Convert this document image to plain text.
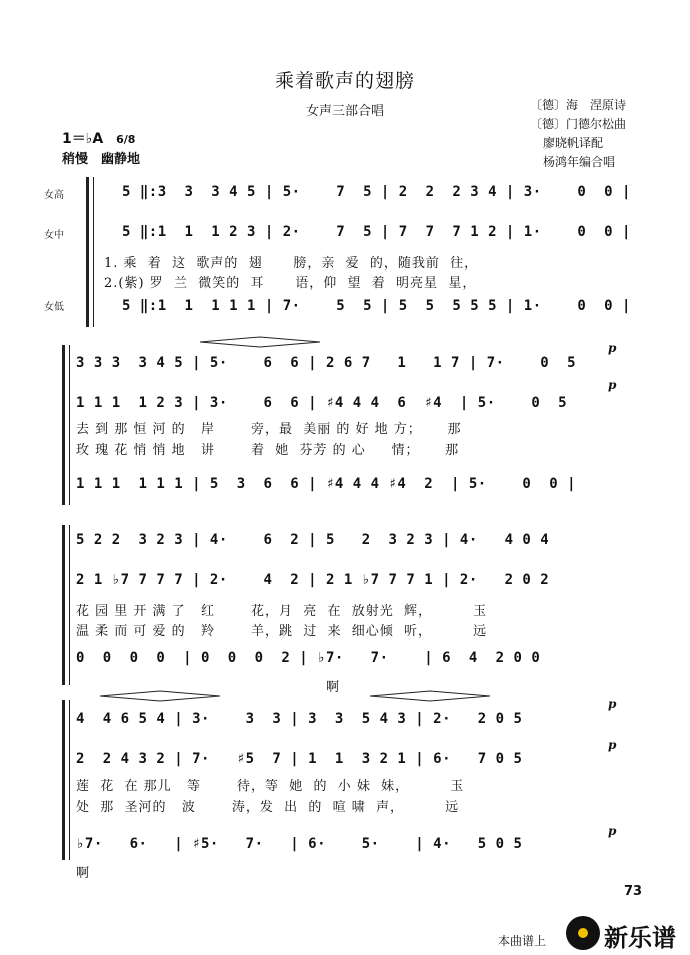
乘着歌声的翅膀
女声三部合唱	〔德〕海　涅原诗
〔德〕门德尔松曲
廖晓帆译配
杨鸿年编合唱
1＝♭A 6/8
稍慢　幽静地
女高
女中
女低
5 ‖:3  3  3 4 5 | 5·    7  5 | 2  2  2 3 4 | 3·    0  0 |
5 ‖:1  1  1 2 3 | 2·    7  5 | 7  7  7 1 2 | 1·    0  0 |
1. 乘  着  这  歌声的  翅      膀，亲  爱  的，随我前  往，
2.(紫) 罗  兰  微笑的  耳      语，仰  望  着  明亮星  星，
5 ‖:1  1  1 1 1 | 7·    5  5 | 5  5  5 5 5 | 1·    0  0 |
p
p
3 3 3  3 4 5 | 5·    6  6 | 2 6 7   1   1 7 | 7·    0  5
1 1 1  1 2 3 | 3·    6  6 | ♯4 4 4  6  ♯4  | 5·    0  5
去 到 那 恒 河 的   岸       旁，最  美丽 的 好 地 方；     那
玫 瑰 花 悄 悄 地   讲       着  她  芬芳 的 心     情；     那
1 1 1  1 1 1 | 5  3  6  6 | ♯4 4 4 ♯4  2  | 5·    0  0 |
5 2 2  3 2 3 | 4·    6  2 | 5   2  3 2 3 | 4·   4 0 4
2 1 ♭7 7 7 7 | 2·    4  2 | 2 1 ♭7 7 7 1 | 2·   2 0 2
花 园 里 开 满 了   红       花，月  亮  在  放射光  辉，        玉
温 柔 而 可 爱 的   羚       羊，跳  过  来  细心倾  听，        远
0  0  0  0  | 0  0  0  2 | ♭7·   7·    | 6  4  2 0 0
啊
p
p
p
4  4 6 5 4 | 3·    3  3 | 3  3  5 4 3 | 2·   2 0 5
2  2 4 3 2 | 7·   ♯5  7 | 1  1  3 2 1 | 6·   7 0 5
莲  花  在 那儿   等       待，等  她  的  小 妹  妹，        玉
处  那  圣河的   波       涛，发  出  的  喧 啸  声，        远
♭7·   6·   | ♯5·   7·   | 6·    5·    | 4·   5 0 5
啊
73
本曲谱上 新乐谱
